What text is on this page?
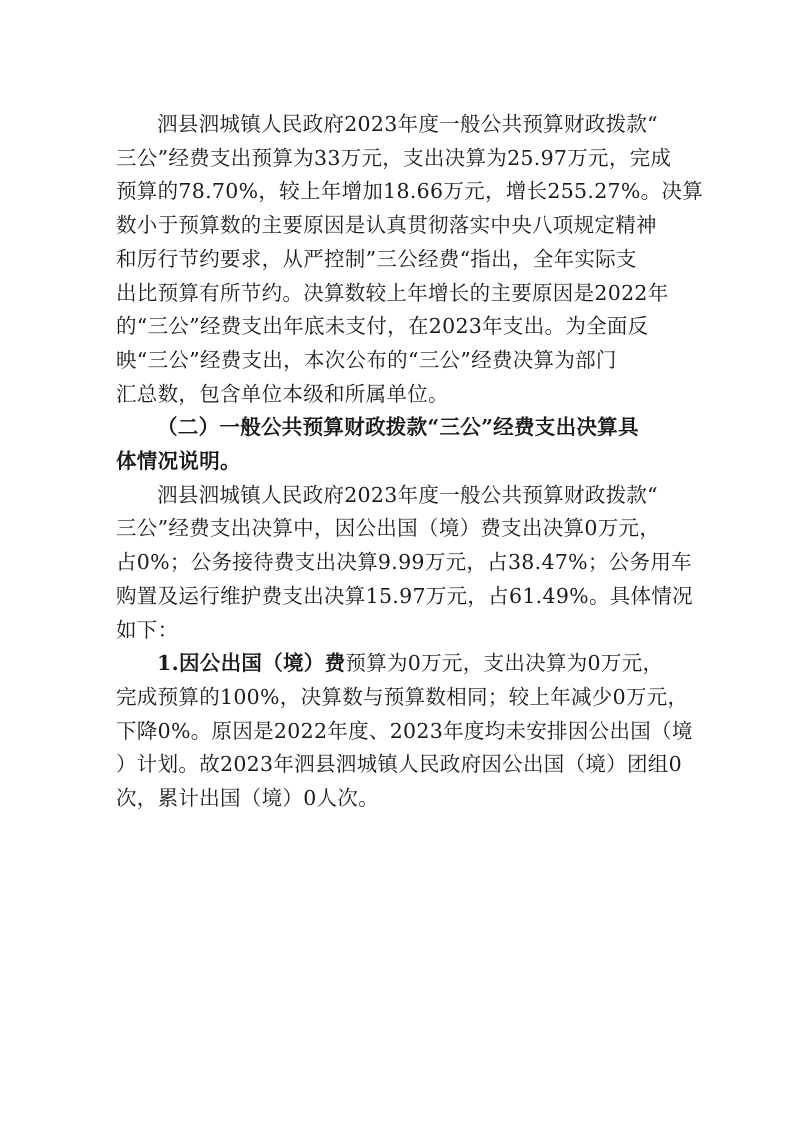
泗县泗城镇人民政府2023年度一般公共预算财政拨款“
三公”经费支出预算为33万元，支出决算为25.97万元，完成
预算的78.70%，较上年增加18.66万元，增长255.27%。决算
数小于预算数的主要原因是认真贯彻落实中央八项规定精神
和厉行节约要求，从严控制”三公经费“指出，全年实际支
出比预算有所节约。决算数较上年增长的主要原因是2022年
的“三公”经费支出年底未支付，在2023年支出。为全面反
映“三公”经费支出，本次公布的“三公”经费决算为部门
汇总数，包含单位本级和所属单位。
（二）一般公共预算财政拨款“三公”经费支出决算具
体情况说明。
泗县泗城镇人民政府2023年度一般公共预算财政拨款“
三公”经费支出决算中，因公出国（境）费支出决算0万元，
占0%；公务接待费支出决算9.99万元，占38.47%；公务用车
购置及运行维护费支出决算15.97万元，占61.49%。具体情况
如下：
1.因公出国（境）费预算为0万元，支出决算为0万元，
完成预算的100%，决算数与预算数相同；较上年减少0万元，
下降0%。原因是2022年度、2023年度均未安排因公出国（境
）计划。故2023年泗县泗城镇人民政府因公出国（境）团组0
次，累计出国（境）0人次。
